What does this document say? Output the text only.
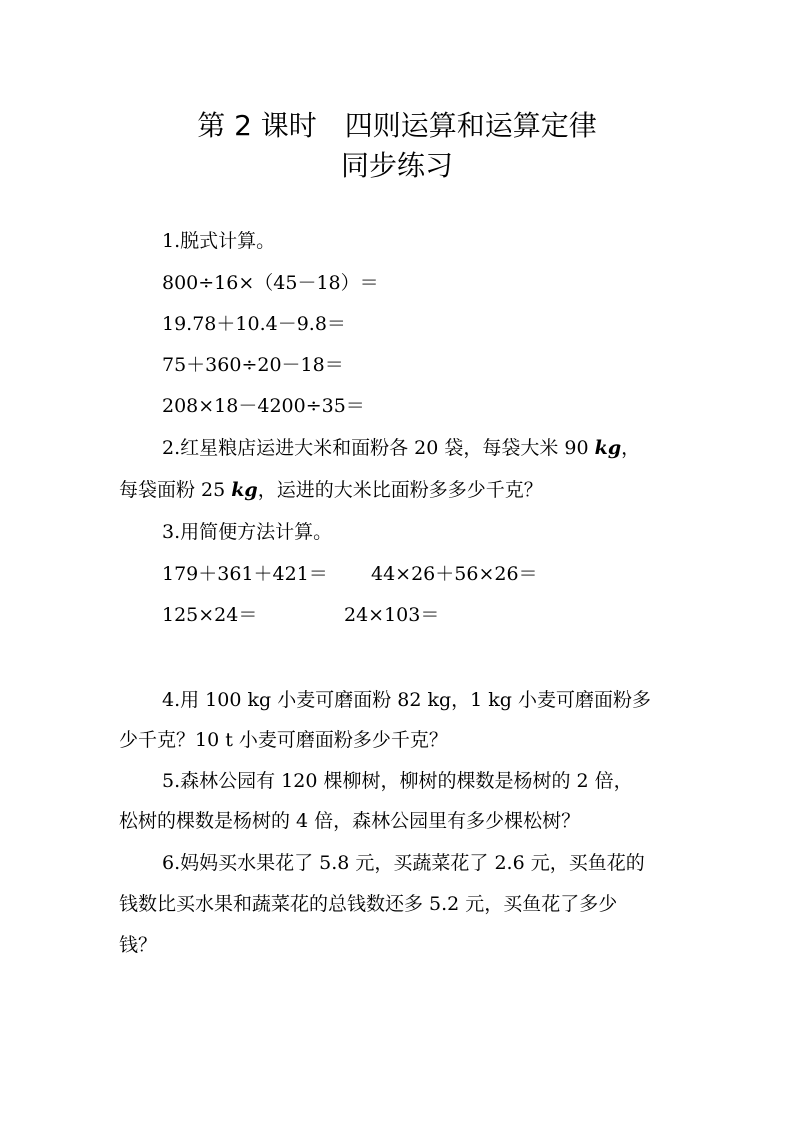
第 2 课时　四则运算和运算定律
同步练习
1.脱式计算。
800÷16×（45－18）＝
19.78＋10.4－9.8＝
75＋360÷20－18＝
208×18－4200÷35＝
2.红星粮店运进大米和面粉各 20 袋，每袋大米 90 kg，
每袋面粉 25 kg，运进的大米比面粉多多少千克？
3.用简便方法计算。
179＋361＋421＝ 44×26＋56×26＝
125×24＝	24×103＝
4.用 100 kg 小麦可磨面粉 82 kg，1 kg 小麦可磨面粉多
少千克？10 t 小麦可磨面粉多少千克？
5.森林公园有 120 棵柳树，柳树的棵数是杨树的 2 倍，
松树的棵数是杨树的 4 倍，森林公园里有多少棵松树？
6.妈妈买水果花了 5.8 元，买蔬菜花了 2.6 元，买鱼花的
钱数比买水果和蔬菜花的总钱数还多 5.2 元，买鱼花了多少
钱？
